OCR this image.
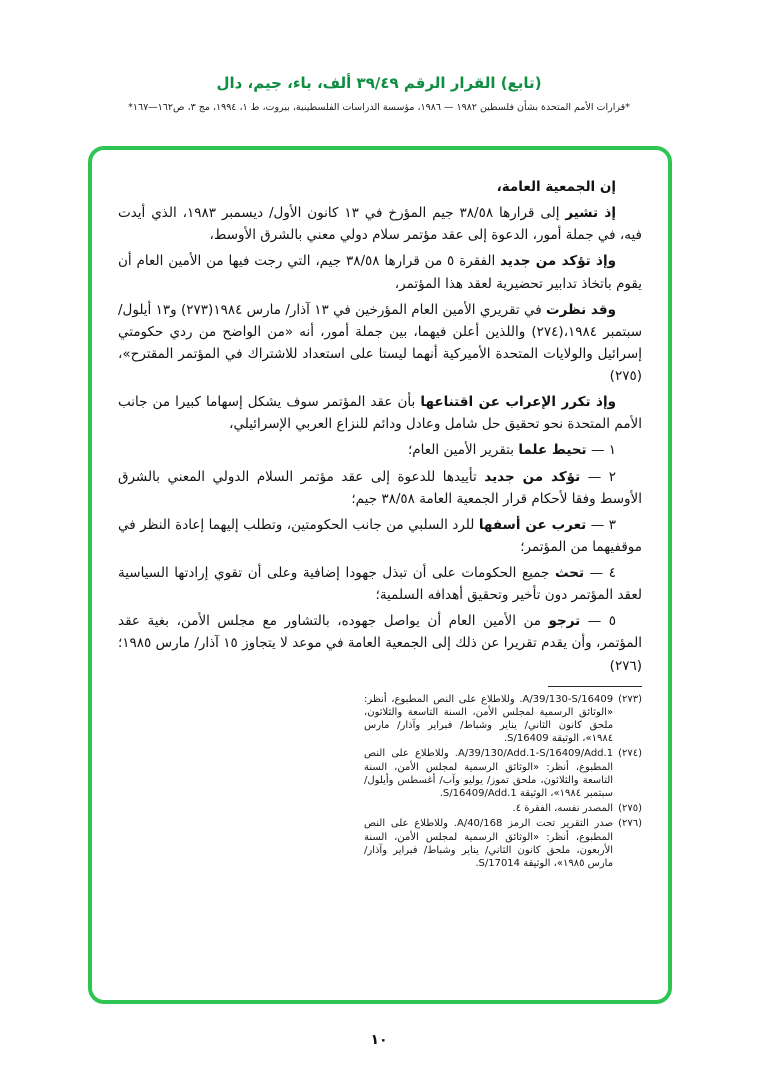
(تابع) القرار الرقم ٣٩/٤٩ ألف، باء، جيم، دال
*قرارات الأمم المتحدة بشأن فلسطين ١٩٨٢ — ١٩٨٦، مؤسسة الدراسات الفلسطينية، بيروت، ط ١، ١٩٩٤، مج ٣، ص١٦٢—١٦٧*

إن الجمعية العامة،

إذ تشير إلى قرارها ٣٨/٥٨ جيم المؤرخ في ١٣ كانون الأول/ ديسمبر ١٩٨٣، الذي أيدت فيه، في جملة أمور، الدعوة إلى عقد مؤتمر سلام دولي معني بالشرق الأوسط،

وإذ تؤكد من جديد الفقرة ٥ من قرارها ٣٨/٥٨ جيم، التي رجت فيها من الأمين العام أن يقوم باتخاذ تدابير تحضيرية لعقد هذا المؤتمر،

وقد نظرت في تقريري الأمين العام المؤرخين في ١٣ آذار/ مارس ١٩٨٤(٢٧٣) و١٣ أيلول/سبتمبر ١٩٨٤،(٢٧٤) واللذين أعلن فيهما، بين جملة أمور، أنه «من الواضح من ردي حكومتي إسرائيل والولايات المتحدة الأميركية أنهما ليستا على استعداد للاشتراك في المؤتمر المقترح»،(٢٧٥)

وإذ تكرر الإعراب عن اقتناعها بأن عقد المؤتمر سوف يشكل إسهاما كبيرا من جانب الأمم المتحدة نحو تحقيق حل شامل وعادل ودائم للنزاع العربي الإسرائيلي،

١ — تحيط علما بتقرير الأمين العام؛

٢ — تؤكد من جديد تأييدها للدعوة إلى عقد مؤتمر السلام الدولي المعني بالشرق الأوسط وفقا لأحكام قرار الجمعية العامة ٣٨/٥٨ جيم؛

٣ — تعرب عن أسفها للرد السلبي من جانب الحكومتين، وتطلب إليهما إعادة النظر في موقفيهما من المؤتمر؛

٤ — تحث جميع الحكومات على أن تبذل جهودا إضافية وعلى أن تقوي إرادتها السياسية لعقد المؤتمر دون تأخير وتحقيق أهدافه السلمية؛

٥ — ترجو من الأمين العام أن يواصل جهوده، بالتشاور مع مجلس الأمن، بغية عقد المؤتمر، وأن يقدم تقريرا عن ذلك إلى الجمعية العامة في موعد لا يتجاوز ١٥ آذار/ مارس ١٩٨٥؛(٢٧٦)

(٢٧٣)
A/39/130-S/16409. وللاطلاع على النص المطبوع، أنظر: «الوثائق الرسمية لمجلس الأمن، السنة التاسعة والثلاثون، ملحق كانون الثاني/ يناير وشباط/ فبراير وآذار/ مارس ١٩٨٤»، الوثيقة S/16409.
(٢٧٤)
A/39/130/Add.1-S/16409/Add.1. وللاطلاع على النص المطبوع، أنظر: «الوثائق الرسمية لمجلس الأمن، السنة التاسعة والثلاثون، ملحق تموز/ يوليو وآب/ أغسطس وأيلول/ سبتمبر ١٩٨٤»، الوثيقة S/16409/Add.1.
(٢٧٥)
المصدر نفسه، الفقرة ٤.
(٢٧٦)
صدر التقرير تحت الرمز A/40/168. وللاطلاع على النص المطبوع، أنظر: «الوثائق الرسمية لمجلس الأمن، السنة الأربعون، ملحق كانون الثاني/ يناير وشباط/ فبراير وآذار/ مارس ١٩٨٥»، الوثيقة S/17014.
١٠
